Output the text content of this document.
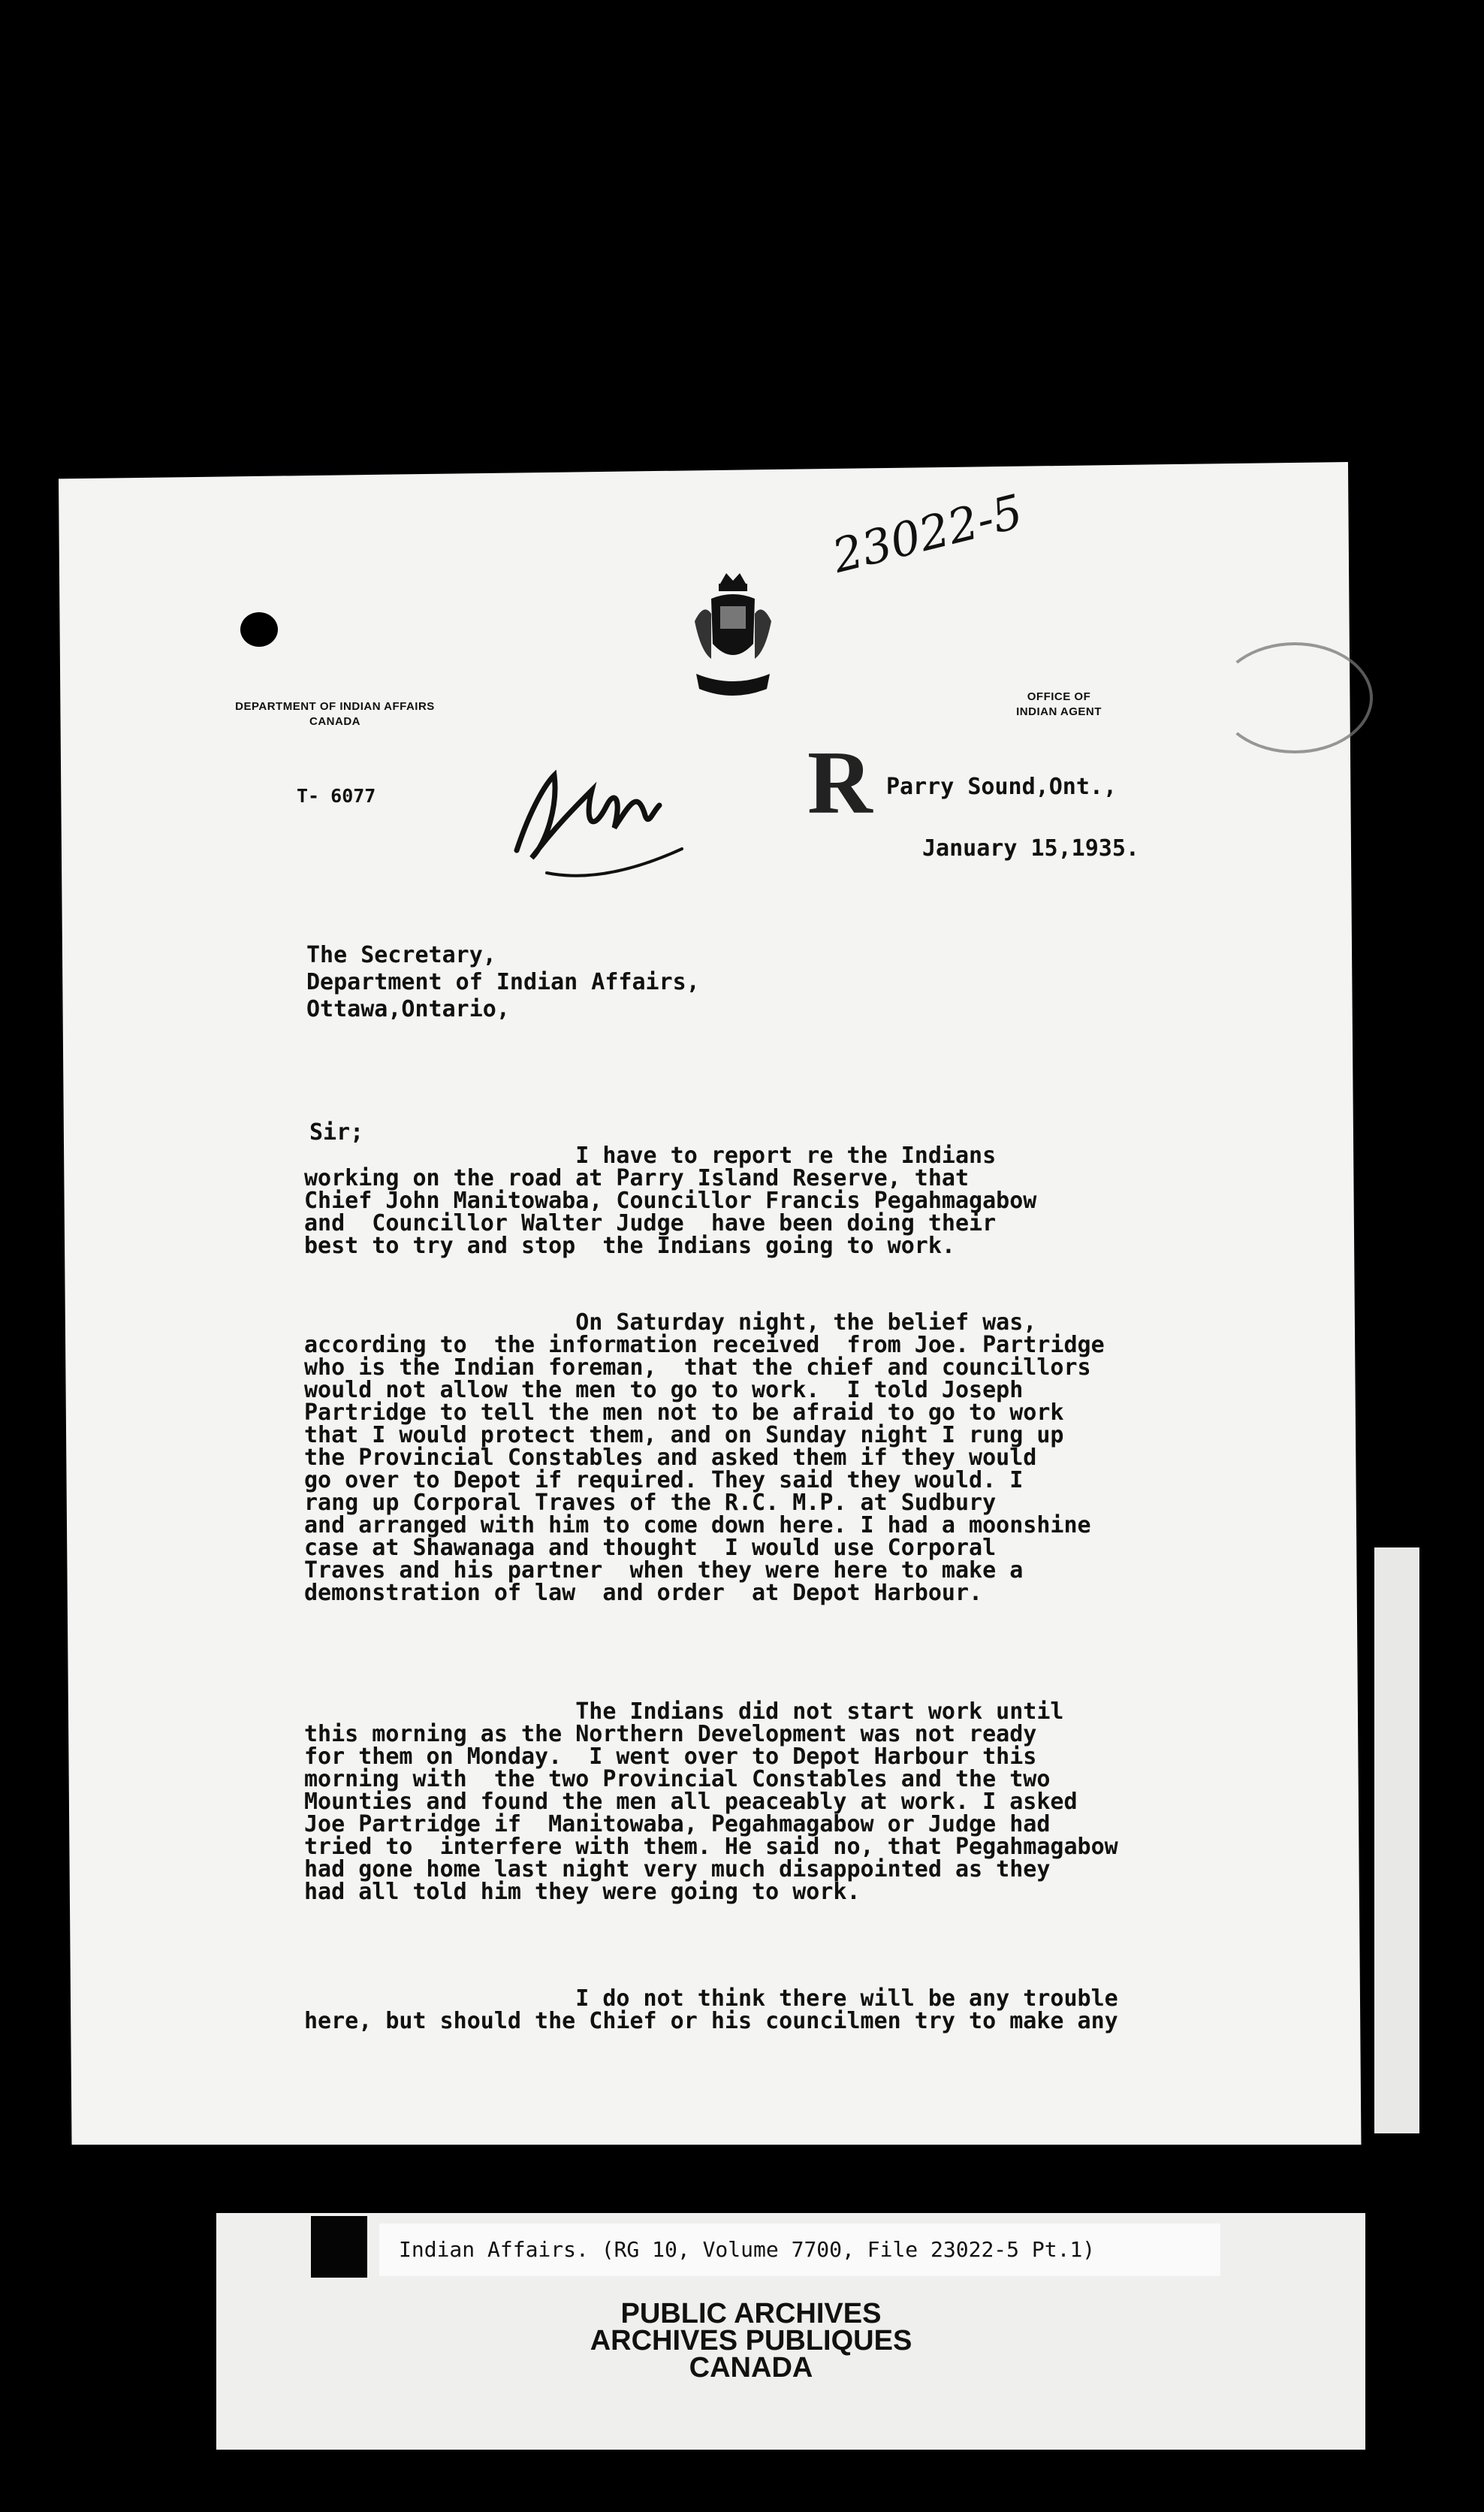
23022-5
DEPARTMENT OF INDIAN AFFAIRS
CANADA
OFFICE OF
INDIAN AGENT
T- 6077	R Parry Sound,Ont.,
January 15,1935.
The Secretary,
Department of Indian Affairs,
Ottawa,Ontario,
Sir;
I have to report re the Indians
working on the road at Parry Island Reserve, that
Chief John Manitowaba, Councillor Francis Pegahmagabow
and  Councillor Walter Judge  have been doing their
best to try and stop  the Indians going to work.
On Saturday night, the belief was,
according to  the information received  from Joe. Partridge
who is the Indian foreman,  that the chief and councillors
would not allow the men to go to work.  I told Joseph
Partridge to tell the men not to be afraid to go to work
that I would protect them, and on Sunday night I rung up
the Provincial Constables and asked them if they would
go over to Depot if required. They said they would. I
rang up Corporal Traves of the R.C. M.P. at Sudbury
and arranged with him to come down here. I had a moonshine
case at Shawanaga and thought  I would use Corporal
Traves and his partner  when they were here to make a
demonstration of law  and order  at Depot Harbour.
The Indians did not start work until
this morning as the Northern Development was not ready
for them on Monday.  I went over to Depot Harbour this
morning with  the two Provincial Constables and the two
Mounties and found the men all peaceably at work. I asked
Joe Partridge if  Manitowaba, Pegahmagabow or Judge had
tried to  interfere with them. He said no, that Pegahmagabow
had gone home last night very much disappointed as they
had all told him they were going to work.
I do not think there will be any trouble
here, but should the Chief or his councilmen try to make any
Indian Affairs. (RG 10, Volume 7700, File 23022-5 Pt.1)
PUBLIC ARCHIVES
ARCHIVES PUBLIQUES
CANADA
